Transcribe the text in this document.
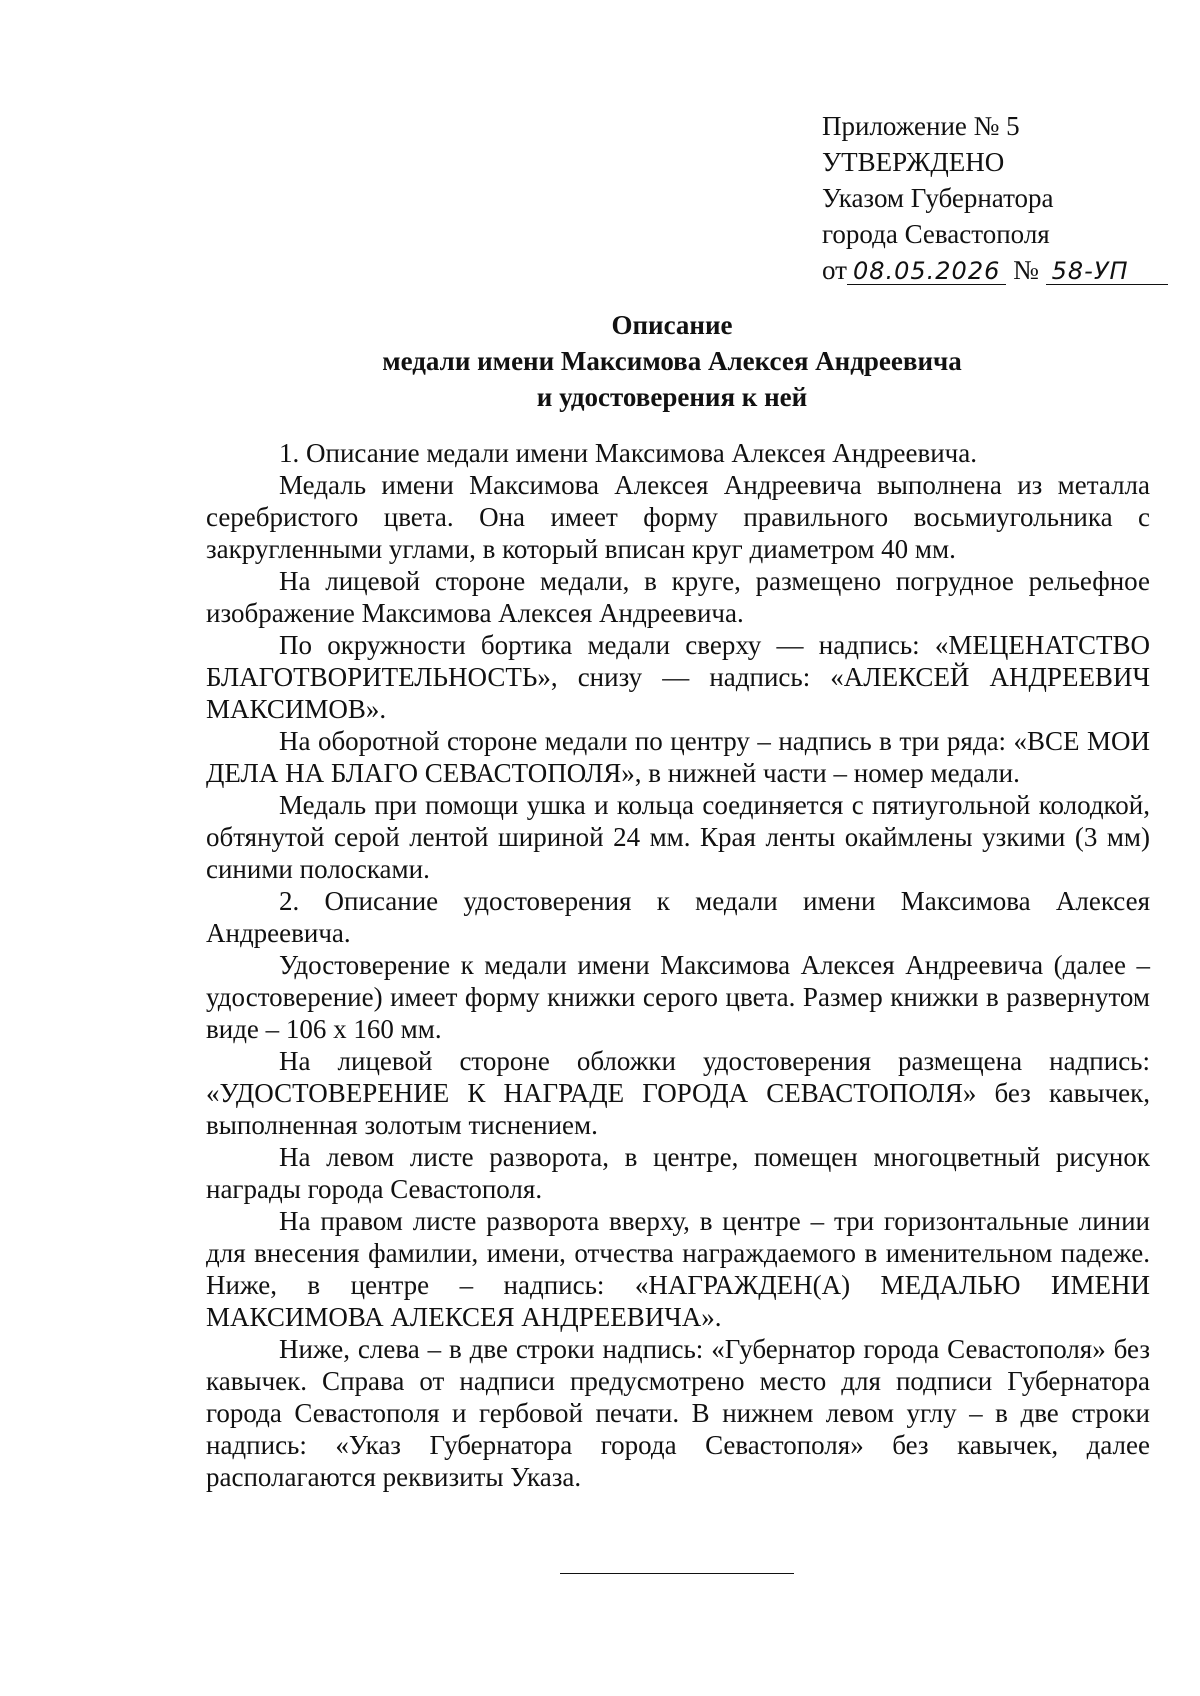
Приложение № 5
УТВЕРЖДЕНО
Указом Губернатора
города Севастополя
от 08.05.2026 № 58-УП
Описание
медали имени Максимова Алексея Андреевича
и удостоверения к ней

1. Описание медали имени Максимова Алексея Андреевича.

Медаль имени Максимова Алексея Андреевича выполнена из металла серебристого цвета. Она имеет форму правильного восьмиугольника с закругленными углами, в который вписан круг диаметром 40 мм.

На лицевой стороне медали, в круге, размещено погрудное рельефное изображение Максимова Алексея Андреевича.

По окружности бортика медали сверху — надпись: «МЕЦЕНАТСТВО БЛАГОТВОРИТЕЛЬНОСТЬ», снизу — надпись: «АЛЕКСЕЙ АНДРЕЕВИЧ МАКСИМОВ».

На оборотной стороне медали по центру – надпись в три ряда: «ВСЕ МОИ ДЕЛА НА БЛАГО СЕВАСТОПОЛЯ», в нижней части – номер медали.

Медаль при помощи ушка и кольца соединяется с пятиугольной колодкой, обтянутой серой лентой шириной 24 мм. Края ленты окаймлены узкими (3 мм) синими полосками.

2. Описание удостоверения к медали имени Максимова Алексея Андреевича.

Удостоверение к медали имени Максимова Алексея Андреевича (далее – удостоверение) имеет форму книжки серого цвета. Размер книжки в развернутом виде – 106 х 160 мм.

На лицевой стороне обложки удостоверения размещена надпись: «УДОСТОВЕРЕНИЕ К НАГРАДЕ ГОРОДА СЕВАСТОПОЛЯ» без кавычек, выполненная золотым тиснением.

На левом листе разворота, в центре, помещен многоцветный рисунок награды города Севастополя.

На правом листе разворота вверху, в центре – три горизонтальные линии для внесения фамилии, имени, отчества награждаемого в именительном падеже. Ниже, в центре – надпись: «НАГРАЖДЕН(А) МЕДАЛЬЮ ИМЕНИ МАКСИМОВА АЛЕКСЕЯ АНДРЕЕВИЧА».

Ниже, слева – в две строки надпись: «Губернатор города Севастополя» без кавычек. Справа от надписи предусмотрено место для подписи Губернатора города Севастополя и гербовой печати. В нижнем левом углу – в две строки надпись: «Указ Губернатора города Севастополя» без кавычек, далее располагаются реквизиты Указа.
